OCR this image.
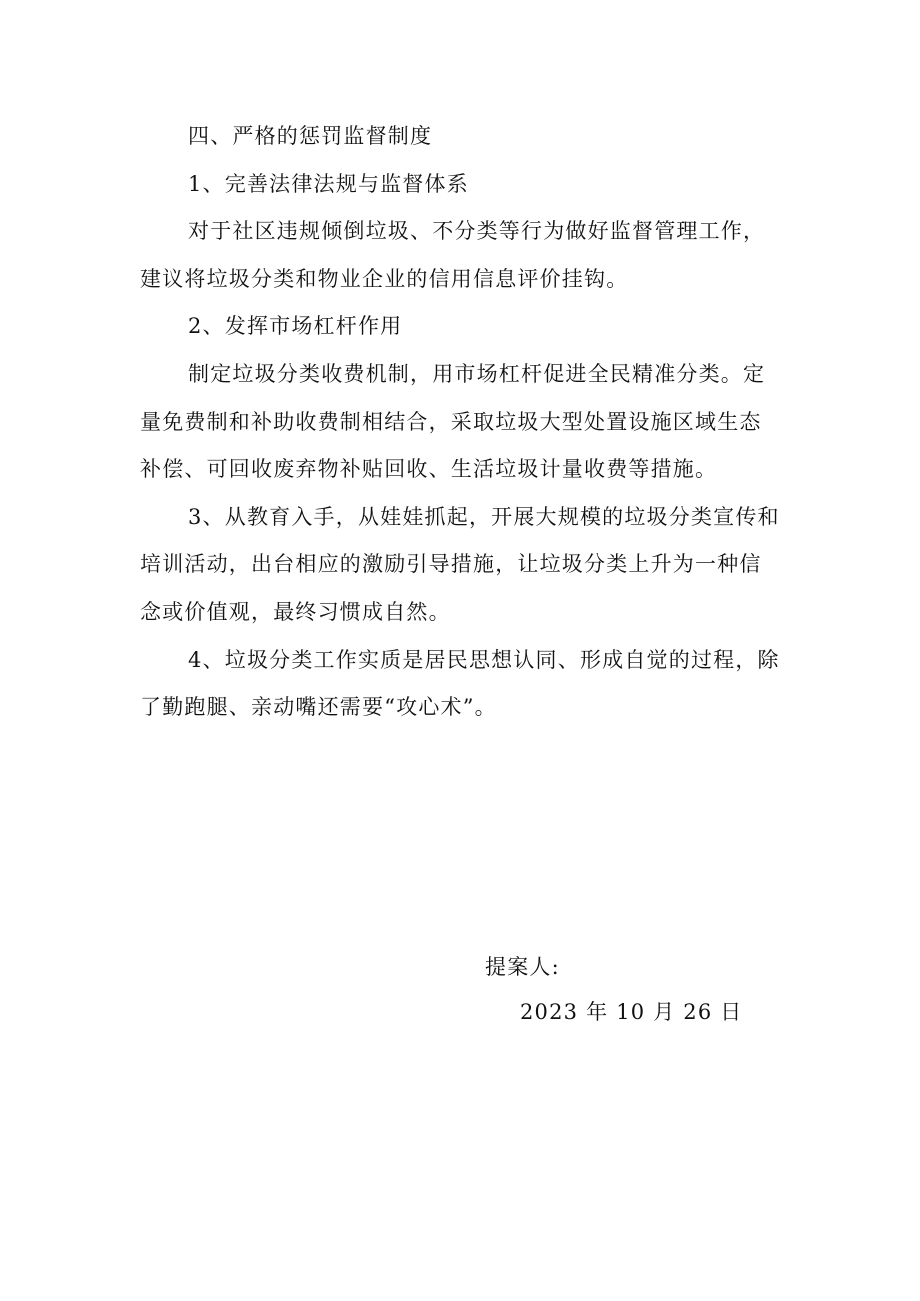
四、严格的惩罚监督制度

1、完善法律法规与监督体系

对于社区违规倾倒垃圾、不分类等行为做好监督管理工作，建议将垃圾分类和物业企业的信用信息评价挂钩。

2、发挥市场杠杆作用

制定垃圾分类收费机制，用市场杠杆促进全民精准分类。定量免费制和补助收费制相结合，采取垃圾大型处置设施区域生态补偿、可回收废弃物补贴回收、生活垃圾计量收费等措施。

3、从教育入手，从娃娃抓起，开展大规模的垃圾分类宣传和培训活动，出台相应的激励引导措施，让垃圾分类上升为一种信念或价值观，最终习惯成自然。

4、垃圾分类工作实质是居民思想认同、形成自觉的过程，除了勤跑腿、亲动嘴还需要“攻心术”。

提案人:
2023 年 10 月 26 日
